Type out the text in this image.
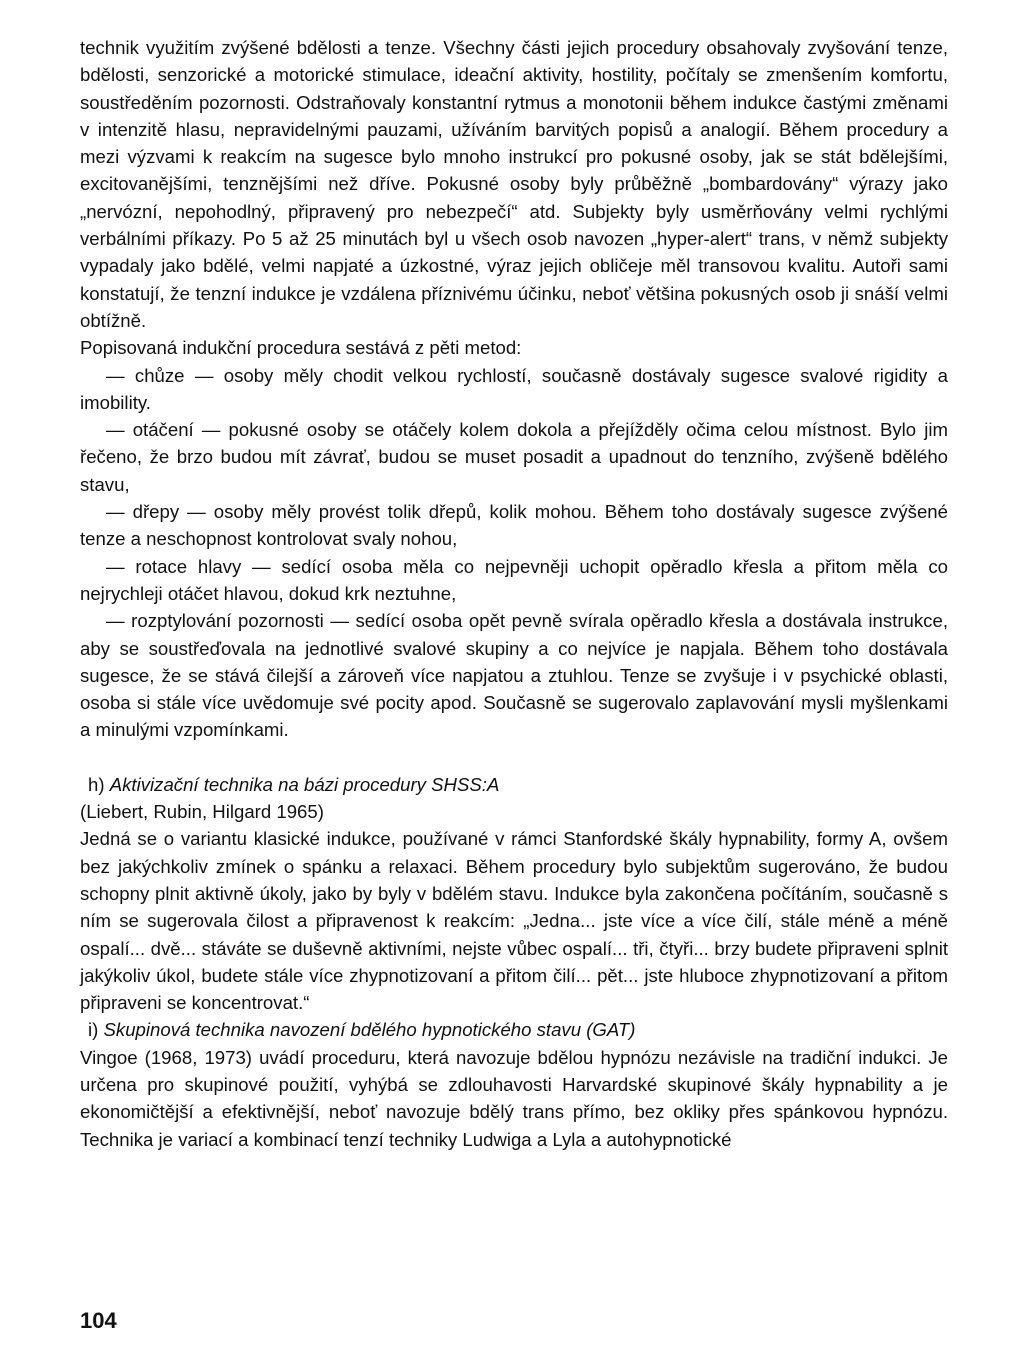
technik využitím zvýšené bdělosti a tenze. Všechny části jejich procedury obsahovaly zvyšování tenze, bdělosti, senzorické a motorické stimulace, ideační aktivity, hostility, počítaly se zmenšením komfortu, soustředěním pozornosti. Odstraňovaly konstantní rytmus a monotonii během indukce častými změnami v intenzitě hlasu, nepravidelnými pauzami, užíváním barvitých popisů a analogií. Během procedury a mezi výzvami k reakcím na sugesce bylo mnoho instrukcí pro pokusné osoby, jak se stát bdělejšími, excitovanějšími, tenznějšími než dříve. Pokusné osoby byly průběžně „bombardovány“ výrazy jako „nervózní, nepohodlný, připravený pro nebezpečí“ atd. Subjekty byly usměrňovány velmi rychlými verbálními příkazy. Po 5 až 25 minutách byl u všech osob navozen „hyper-alert“ trans, v němž subjekty vypadaly jako bdělé, velmi napjaté a úzkostné, výraz jejich obličeje měl transovou kvalitu. Autoři sami konstatují, že tenzní indukce je vzdálena příznivému účinku, neboť většina pokusných osob ji snáší velmi obtížně.

Popisovaná indukční procedura sestává z pěti metod:

— chůze — osoby měly chodit velkou rychlostí, současně dostávaly sugesce svalové rigidity a imobility.

— otáčení — pokusné osoby se otáčely kolem dokola a přejížděly očima celou místnost. Bylo jim řečeno, že brzo budou mít závrať, budou se muset posadit a upadnout do tenzního, zvýšeně bdělého stavu,

— dřepy — osoby měly provést tolik dřepů, kolik mohou. Během toho dostávaly sugesce zvýšené tenze a neschopnost kontrolovat svaly nohou,

— rotace hlavy — sedící osoba měla co nejpevněji uchopit opěradlo křesla a přitom měla co nejrychleji otáčet hlavou, dokud krk neztuhne,

— rozptylování pozornosti — sedící osoba opět pevně svírala opěradlo křesla a dostávala instrukce, aby se soustřeďovala na jednotlivé svalové skupiny a co nejvíce je napjala. Během toho dostávala sugesce, že se stává čilejší a zároveň více napjatou a ztuhlou. Tenze se zvyšuje i v psychické oblasti, osoba si stále více uvědomuje své pocity apod. Současně se sugerovalo zaplavování mysli myšlenkami a minulými vzpomínkami.

h) Aktivizační technika na bázi procedury SHSS:A

(Liebert, Rubin, Hilgard 1965)

Jedná se o variantu klasické indukce, používané v rámci Stanfordské škály hypnability, formy A, ovšem bez jakýchkoliv zmínek o spánku a relaxaci. Během procedury bylo subjektům sugerováno, že budou schopny plnit aktivně úkoly, jako by byly v bdělém stavu. Indukce byla zakončena počítáním, současně s ním se sugerovala čilost a připravenost k reakcím: „Jedna... jste více a více čilí, stále méně a méně ospalí... dvě... stáváte se duševně aktivními, nejste vůbec ospalí... tři, čtyři... brzy budete připraveni splnit jakýkoliv úkol, budete stále více zhypnotizovaní a přitom čilí... pět... jste hluboce zhypnotizovaní a přitom připraveni se koncentrovat.“

i) Skupinová technika navození bdělého hypnotického stavu (GAT)

Vingoe (1968, 1973) uvádí proceduru, která navozuje bdělou hypnózu nezávisle na tradiční indukci. Je určena pro skupinové použití, vyhýbá se zdlouhavosti Harvardské skupinové škály hypnability a je ekonomičtější a efektivnější, neboť navozuje bdělý trans přímo, bez okliky přes spánkovou hypnózu. Technika je variací a kombinací tenzí techniky Ludwiga a Lyla a autohypnotické

104
